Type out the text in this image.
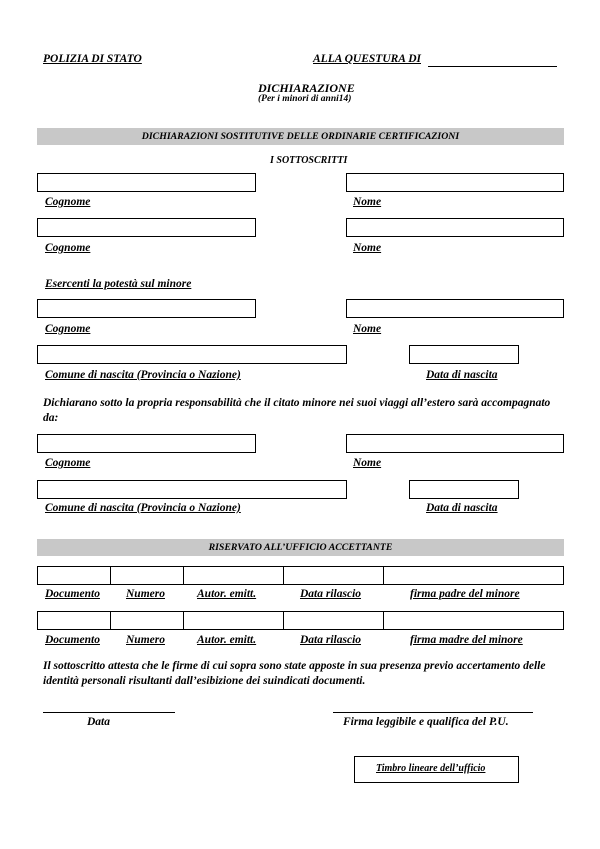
POLIZIA DI STATO	ALLA QUESTURA DI
DICHIARAZIONE
(Per i minori di anni14)
DICHIARAZIONI SOSTITUTIVE DELLE ORDINARIE CERTIFICAZIONI
I SOTTOSCRITTI
Cognome	Nome
Cognome	Nome
Esercenti la potestà sul minore
Cognome	Nome
Comune di nascita (Provincia o Nazione)	Data di nascita
Dichiarano sotto la propria responsabilità che il citato minore nei suoi viaggi all’estero sarà accompagnato da:
Cognome	Nome
Comune di nascita (Provincia o Nazione)	Data di nascita
RISERVATO ALL’UFFICIO ACCETTANTE
Documento Numero	Autor. emitt.	Data rilascio	firma padre del minore
Documento Numero	Autor. emitt.	Data rilascio	firma madre del minore
Il sottoscritto attesta che le firme di cui sopra sono state apposte in sua presenza previo accertamento delle identità personali risultanti dall’esibizione dei suindicati documenti.
Data	Firma leggibile e qualifica del P.U.
Timbro lineare dell’ufficio
